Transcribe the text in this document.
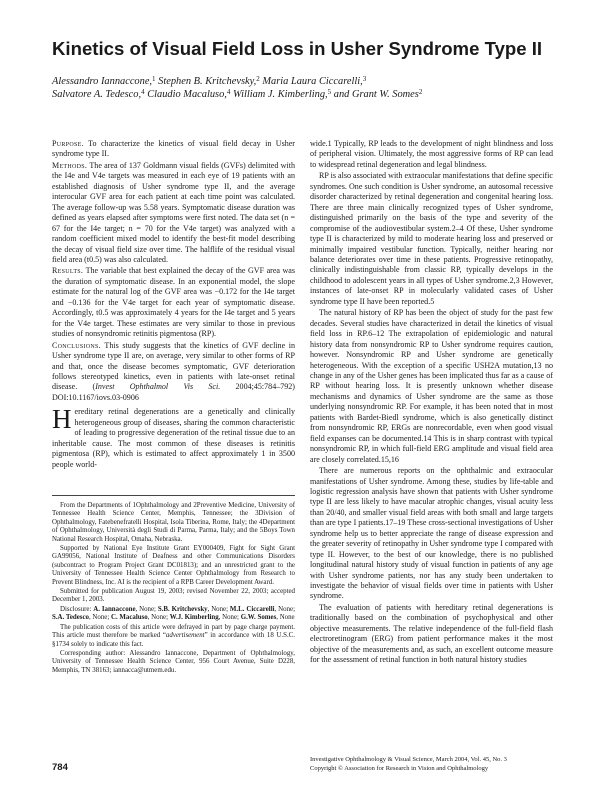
Kinetics of Visual Field Loss in Usher Syndrome Type II
Alessandro Iannaccone,$^1$ Stephen B. Kritchevsky,$^2$ Maria Laura Ciccarelli,$^3$
Salvatore A. Tedesco,$^4$ Claudio Macaluso,$^4$ William J. Kimberling,$^5$ and Grant W. Somes$^2$

Purpose. To characterize the kinetics of visual field decay in Usher syndrome type II.

Methods. The area of 137 Goldmann visual fields (GVFs) delimited with the I4e and V4e targets was measured in each eye of 19 patients with an established diagnosis of Usher syndrome type II, and the average interocular GVF area for each patient at each time point was calculated. The average follow-up was 5.58 years. Symptomatic disease duration was defined as years elapsed after symptoms were first noted. The data set (n = 67 for the I4e target; n = 70 for the V4e target) was analyzed with a random coefficient mixed model to identify the best-fit model describing the decay of visual field size over time. The halflife of the residual visual field area (t0.5) was also calculated.

Results. The variable that best explained the decay of the GVF area was the duration of symptomatic disease. In an exponential model, the slope estimate for the natural log of the GVF area was −0.172 for the I4e target and −0.136 for the V4e target for each year of symptomatic disease. Accordingly, t0.5 was approximately 4 years for the I4e target and 5 years for the V4e target. These estimates are very similar to those in previous studies of nonsyndromic retinitis pigmentosa (RP).

Conclusions. This study suggests that the kinetics of GVF decline in Usher syndrome type II are, on average, very similar to other forms of RP and that, once the disease becomes symptomatic, GVF deterioration follows stereotyped kinetics, even in patients with late-onset retinal disease. (Invest Ophthalmol Vis Sci. 2004;45:784–792) DOI:10.1167/iovs.03-0906

Hereditary retinal degenerations are a genetically and clinically heterogeneous group of diseases, sharing the common characteristic of leading to progressive degeneration of the retinal tissue due to an inheritable cause. The most common of these diseases is retinitis pigmentosa (RP), which is estimated to affect approximately 1 in 3500 people world-

From the Departments of 1Ophthalmology and 2Preventive Medicine, University of Tennessee Health Science Center, Memphis, Tennessee; the 3Division of Ophthalmology, Fatebenefratelli Hospital, Isola Tiberina, Rome, Italy; the 4Department of Ophthalmology, Università degli Studi di Parma, Parma, Italy; and the 5Boys Town National Research Hospital, Omaha, Nebraska.

Supported by National Eye Institute Grant EY000409, Fight for Sight Grant GA99056, National Institute of Deafness and other Communications Disorders (subcontract to Program Project Grant DC01813); and an unrestricted grant to the University of Tennessee Health Science Center Ophthalmology from Research to Prevent Blindness, Inc. AI is the recipient of a RPB Career Development Award.

Submitted for publication August 19, 2003; revised November 22, 2003; accepted December 1, 2003.

Disclosure: A. Iannaccone, None; S.B. Kritchevsky, None; M.L. Ciccarelli, None; S.A. Tedesco, None; C. Macaluso, None; W.J. Kimberling, None; G.W. Somes, None

The publication costs of this article were defrayed in part by page charge payment. This article must therefore be marked “advertisement” in accordance with 18 U.S.C. §1734 solely to indicate this fact.

Corresponding author: Alessandro Iannaccone, Department of Ophthalmology, University of Tennessee Health Science Center, 956 Court Avenue, Suite D228, Memphis, TN 38163; iannacca@utmem.edu.

wide.1 Typically, RP leads to the development of night blindness and loss of peripheral vision. Ultimately, the most aggressive forms of RP can lead to widespread retinal degeneration and legal blindness.

RP is also associated with extraocular manifestations that define specific syndromes. One such condition is Usher syndrome, an autosomal recessive disorder characterized by retinal degeneration and congenital hearing loss. There are three main clinically recognized types of Usher syndrome, distinguished primarily on the basis of the type and severity of the compromise of the audiovestibular system.2–4 Of these, Usher syndrome type II is characterized by mild to moderate hearing loss and preserved or minimally impaired vestibular function. Typically, neither hearing nor balance deteriorates over time in these patients. Progressive retinopathy, clinically indistinguishable from classic RP, typically develops in the childhood to adolescent years in all types of Usher syndrome.2,3 However, instances of late-onset RP in molecularly validated cases of Usher syndrome type II have been reported.5

The natural history of RP has been the object of study for the past few decades. Several studies have characterized in detail the kinetics of visual field loss in RP.6–12 The extrapolation of epidemiologic and natural history data from nonsyndromic RP to Usher syndrome requires caution, however. Nonsyndromic RP and Usher syndrome are genetically heterogeneous. With the exception of a specific USH2A mutation,13 no change in any of the Usher genes has been implicated thus far as a cause of RP without hearing loss. It is presently unknown whether disease mechanisms and dynamics of Usher syndrome are the same as those underlying nonsyndromic RP. For example, it has been noted that in most patients with Bardet-Biedl syndrome, which is also genetically distinct from nonsyndromic RP, ERGs are nonrecordable, even when good visual field expanses can be documented.14 This is in sharp contrast with typical nonsyndromic RP, in which full-field ERG amplitude and visual field area are closely correlated.15,16

There are numerous reports on the ophthalmic and extraocular manifestations of Usher syndrome. Among these, studies by life-table and logistic regression analysis have shown that patients with Usher syndrome type II are less likely to have macular atrophic changes, visual acuity less than 20/40, and smaller visual field areas with both small and large targets than are type I patients.17–19 These cross-sectional investigations of Usher syndrome help us to better appreciate the range of disease expression and the greater severity of retinopathy in Usher syndrome type I compared with type II. However, to the best of our knowledge, there is no published longitudinal natural history study of visual function in patients of any age with Usher syndrome patients, nor has any study been undertaken to investigate the behavior of visual fields over time in patients with Usher syndrome.

The evaluation of patients with hereditary retinal degenerations is traditionally based on the combination of psychophysical and other objective measurements. The relative independence of the full-field flash electroretinogram (ERG) from patient performance makes it the most objective of the measurements and, as such, an excellent outcome measure for the assessment of retinal function in both natural history studies

784
Investigative Ophthalmology & Visual Science, March 2004, Vol. 45, No. 3
Copyright © Association for Research in Vision and Ophthalmology
